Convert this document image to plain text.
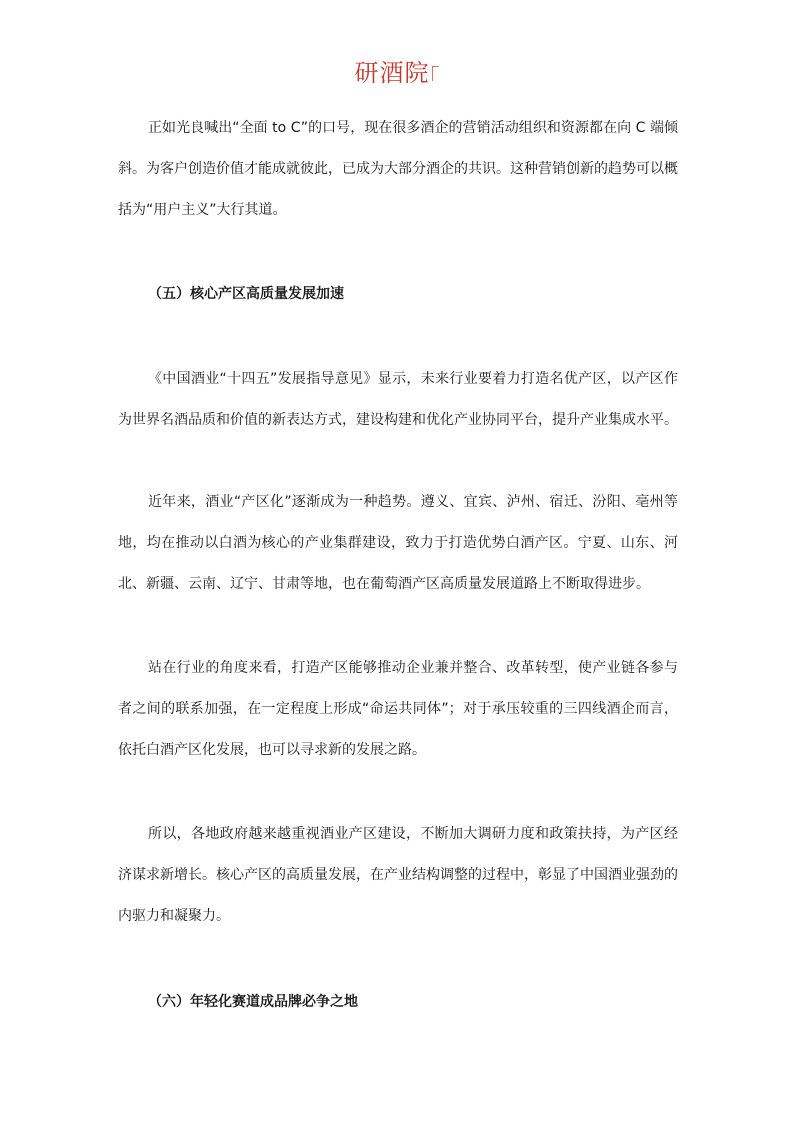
研酒院

正如光良喊出“全面 to C”的口号，现在很多酒企的营销活动组织和资源都在向 C 端倾斜。为客户创造价值才能成就彼此，已成为大部分酒企的共识。这种营销创新的趋势可以概括为“用户主义”大行其道。

（五）核心产区高质量发展加速

《中国酒业“十四五”发展指导意见》显示，未来行业要着力打造名优产区，以产区作为世界名酒品质和价值的新表达方式，建设构建和优化产业协同平台，提升产业集成水平。

近年来，酒业“产区化”逐渐成为一种趋势。遵义、宜宾、泸州、宿迁、汾阳、亳州等地，均在推动以白酒为核心的产业集群建设，致力于打造优势白酒产区。宁夏、山东、河北、新疆、云南、辽宁、甘肃等地，也在葡萄酒产区高质量发展道路上不断取得进步。

站在行业的角度来看，打造产区能够推动企业兼并整合、改革转型，使产业链各参与者之间的联系加强，在一定程度上形成“命运共同体”；对于承压较重的三四线酒企而言，依托白酒产区化发展，也可以寻求新的发展之路。

所以，各地政府越来越重视酒业产区建设，不断加大调研力度和政策扶持，为产区经济谋求新增长。核心产区的高质量发展，在产业结构调整的过程中，彰显了中国酒业强劲的内驱力和凝聚力。

（六）年轻化赛道成品牌必争之地
